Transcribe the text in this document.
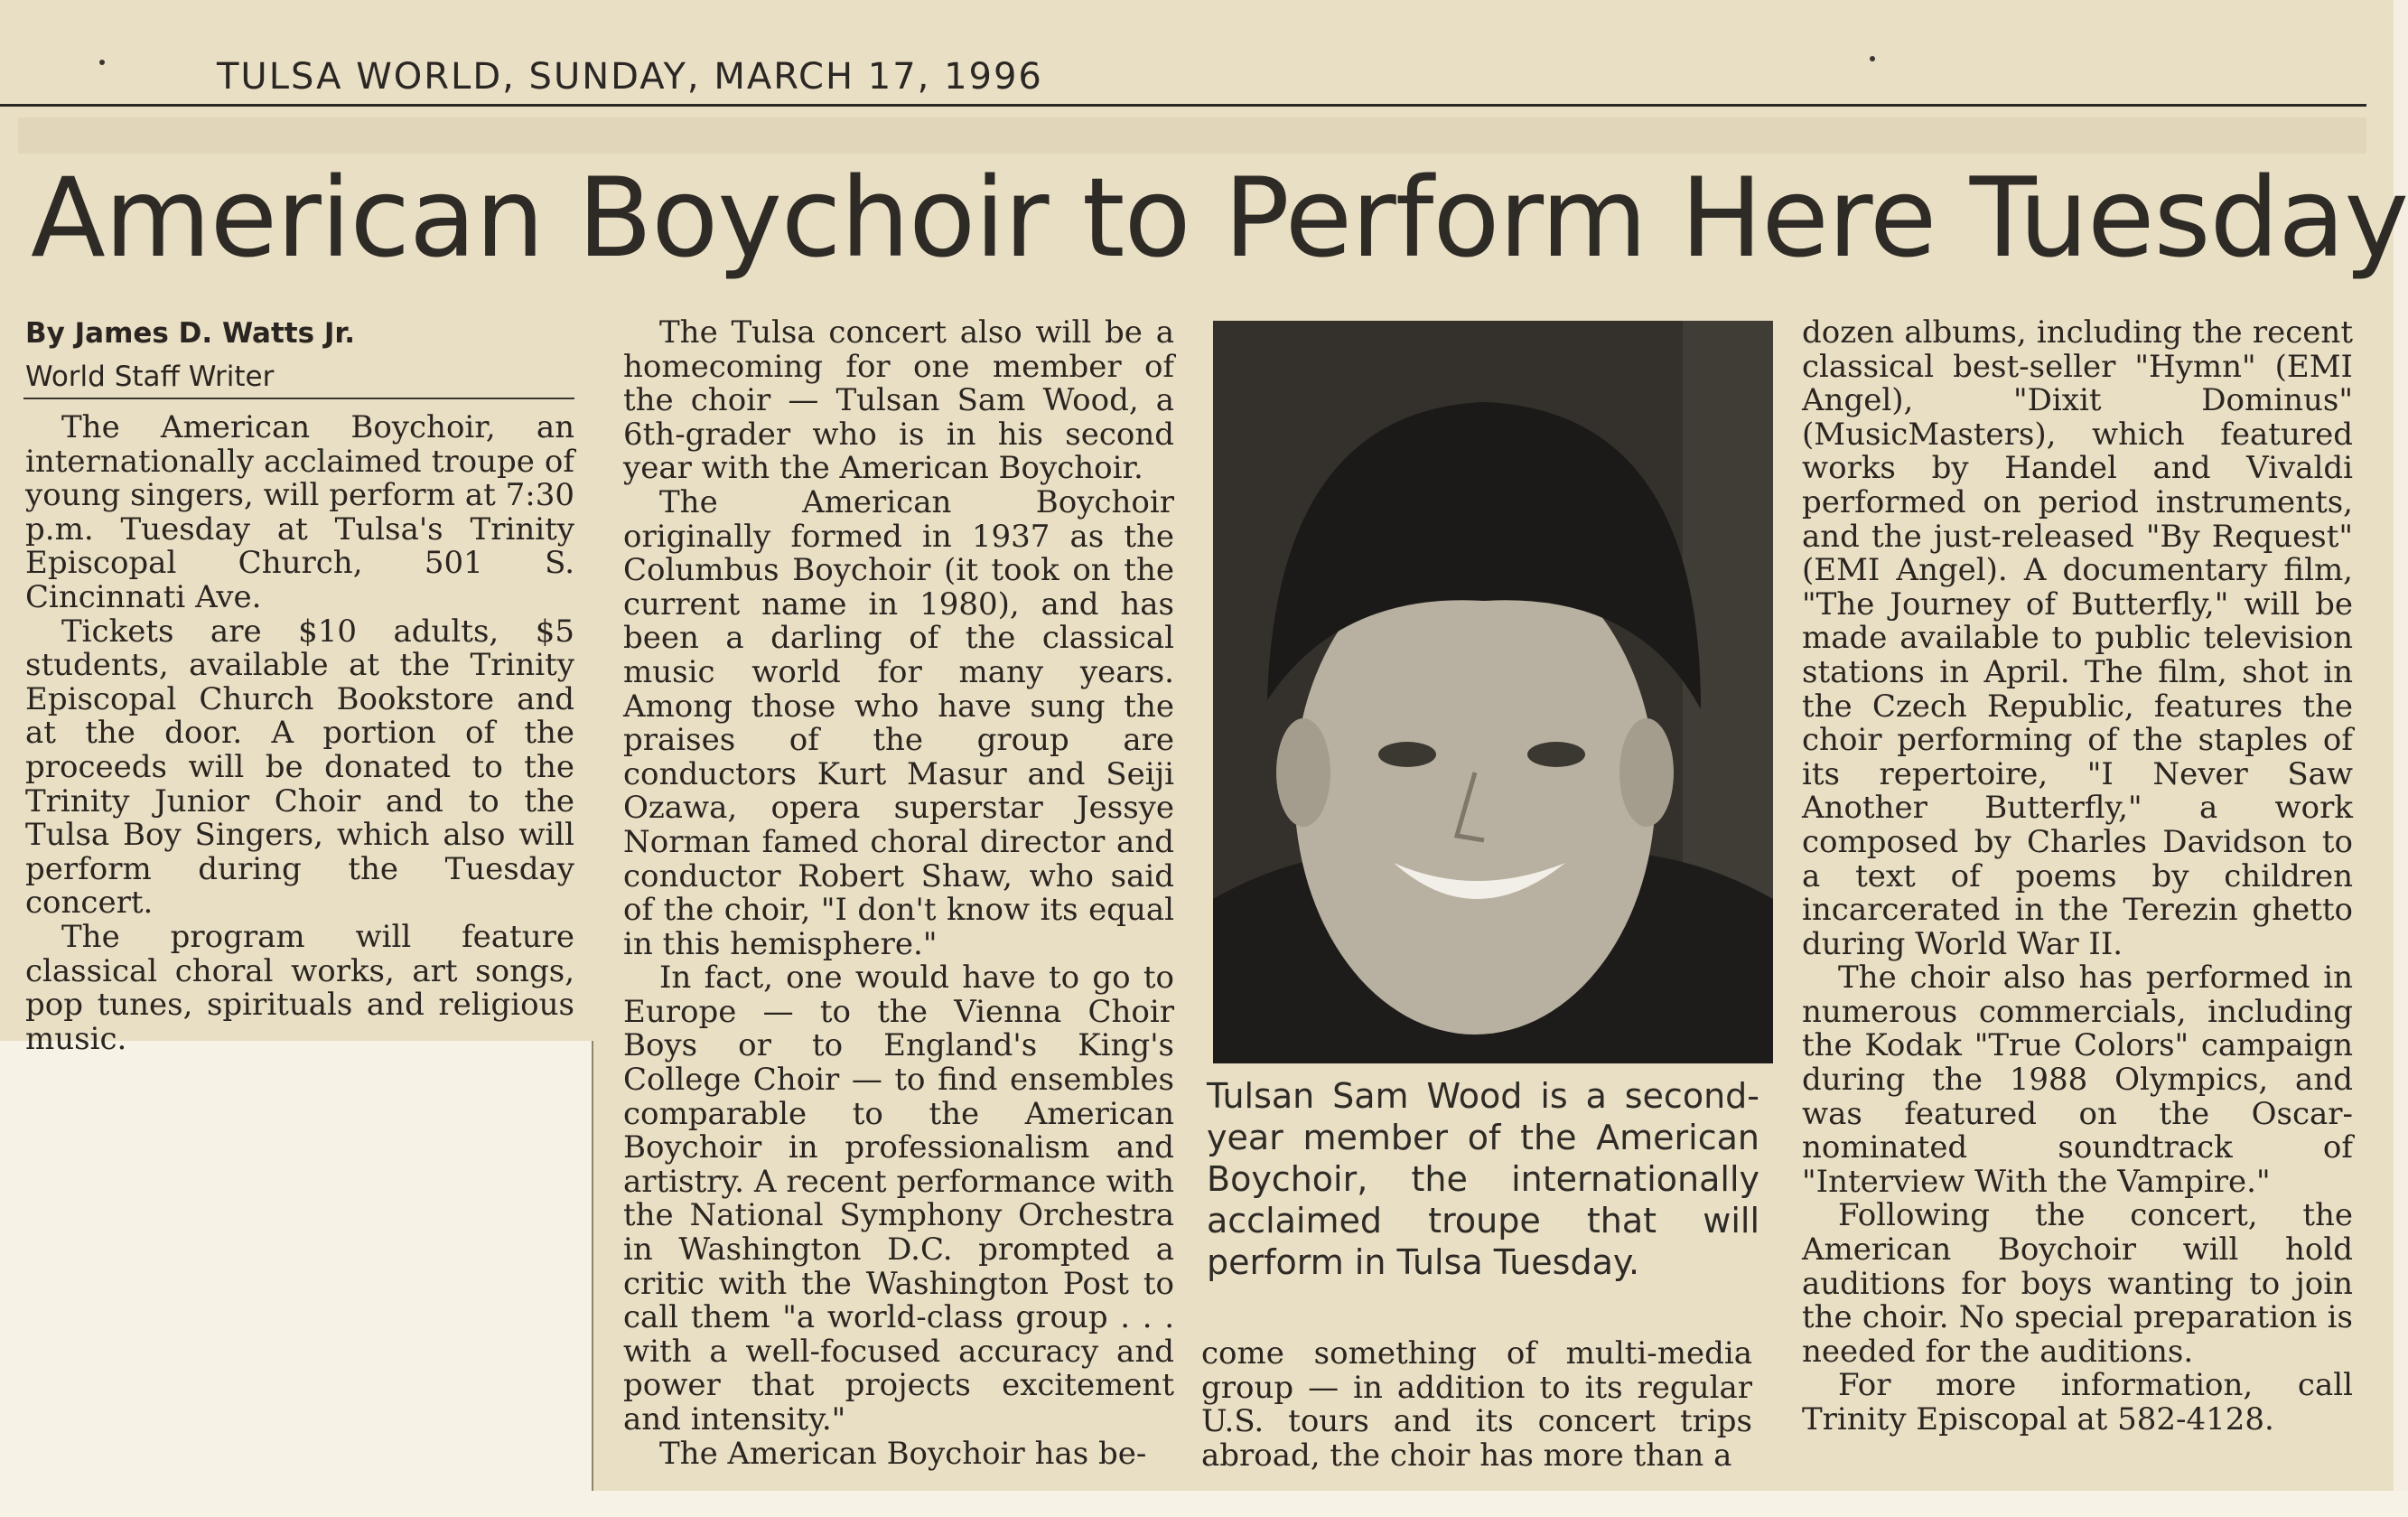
TULSA WORLD, SUNDAY, MARCH 17, 1996
American Boychoir to Perform Here Tuesday
By James D. Watts Jr.
World Staff Writer

The American Boychoir, an internationally acclaimed troupe of young singers, will perform at 7:30 p.m. Tuesday at Tulsa's Trinity Episcopal Church, 501 S. Cincinnati Ave.

Tickets are $10 adults, $5 students, available at the Trinity Episcopal Church Bookstore and at the door. A portion of the proceeds will be donated to the Trinity Junior Choir and to the Tulsa Boy Singers, which also will perform during the Tuesday concert.

The program will feature classical choral works, art songs, pop tunes, spirituals and religious music.

The Tulsa concert also will be a homecoming for one member of the choir — Tulsan Sam Wood, a 6th-grader who is in his second year with the American Boychoir.

The American Boychoir originally formed in 1937 as the Columbus Boychoir (it took on the current name in 1980), and has been a darling of the classical music world for many years. Among those who have sung the praises of the group are conductors Kurt Masur and Seiji Ozawa, opera superstar Jessye Norman famed choral director and conductor Robert Shaw, who said of the choir, "I don't know its equal in this hemisphere."

In fact, one would have to go to Europe — to the Vienna Choir Boys or to England's King's College Choir — to find ensembles comparable to the American Boychoir in professionalism and artistry. A recent performance with the National Symphony Orchestra in Washington D.C. prompted a critic with the Washington Post to call them "a world-class group . . . with a well-focused accuracy and power that projects excitement and intensity."

The American Boychoir has be-

Tulsan Sam Wood is a second-year member of the American Boychoir, the internationally acclaimed troupe that will perform in Tulsa Tuesday.

come something of multi-media group — in addition to its regular U.S. tours and its concert trips abroad, the choir has more than a

dozen albums, including the recent classical best-seller "Hymn" (EMI Angel), "Dixit Dominus" (MusicMasters), which featured works by Handel and Vivaldi performed on period instruments, and the just-released "By Request" (EMI Angel). A documentary film, "The Journey of Butterfly," will be made available to public television stations in April. The film, shot in the Czech Republic, features the choir performing of the staples of its repertoire, "I Never Saw Another Butterfly," a work composed by Charles Davidson to a text of poems by children incarcerated in the Terezin ghetto during World War II.

The choir also has performed in numerous commercials, including the Kodak "True Colors" campaign during the 1988 Olympics, and was featured on the Oscar-nominated soundtrack of "Interview With the Vampire."

Following the concert, the American Boychoir will hold auditions for boys wanting to join the choir. No special preparation is needed for the auditions.

For more information, call Trinity Episcopal at 582-4128.
